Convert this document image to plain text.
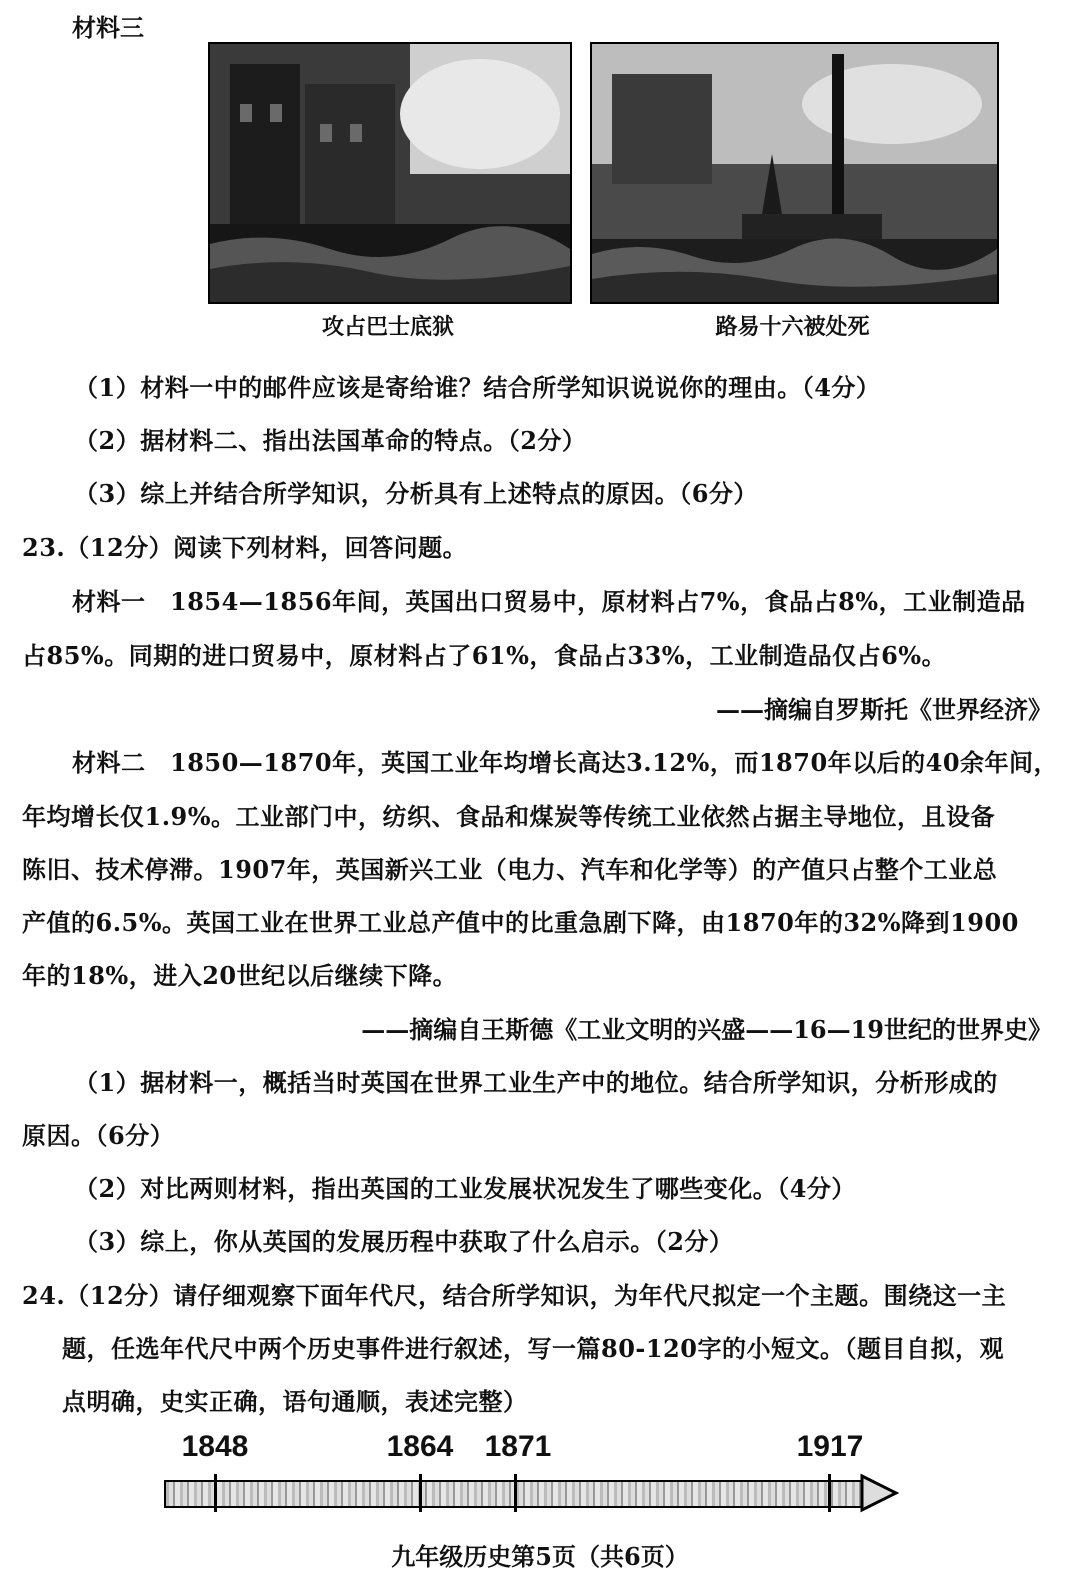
材料三
攻占巴士底狱	路易十六被处死
（1）材料一中的邮件应该是寄给谁？结合所学知识说说你的理由。（4分）
（2）据材料二、指出法国革命的特点。（2分）
（3）综上并结合所学知识，分析具有上述特点的原因。（6分）
23.（12分）阅读下列材料，回答问题。
材料一　1854—1856年间，英国出口贸易中，原材料占7%，食品占8%，工业制造品
占85%。同期的进口贸易中，原材料占了61%，食品占33%，工业制造品仅占6%。
——摘编自罗斯托《世界经济》
材料二　1850—1870年，英国工业年均增长高达3.12%，而1870年以后的40余年间，
年均增长仅1.9%。工业部门中，纺织、食品和煤炭等传统工业依然占据主导地位，且设备
陈旧、技术停滞。1907年，英国新兴工业（电力、汽车和化学等）的产值只占整个工业总
产值的6.5%。英国工业在世界工业总产值中的比重急剧下降，由1870年的32%降到1900
年的18%，进入20世纪以后继续下降。
——摘编自王斯德《工业文明的兴盛——16—19世纪的世界史》
（1）据材料一，概括当时英国在世界工业生产中的地位。结合所学知识，分析形成的
原因。（6分）
（2）对比两则材料，指出英国的工业发展状况发生了哪些变化。（4分）
（3）综上，你从英国的发展历程中获取了什么启示。（2分）
24.（12分）请仔细观察下面年代尺，结合所学知识，为年代尺拟定一个主题。围绕这一主
题，任选年代尺中两个历史事件进行叙述，写一篇80-120字的小短文。（题目自拟，观
点明确，史实正确，语句通顺，表述完整）
1848	1864 1871	1917
九年级历史第5页（共6页）
